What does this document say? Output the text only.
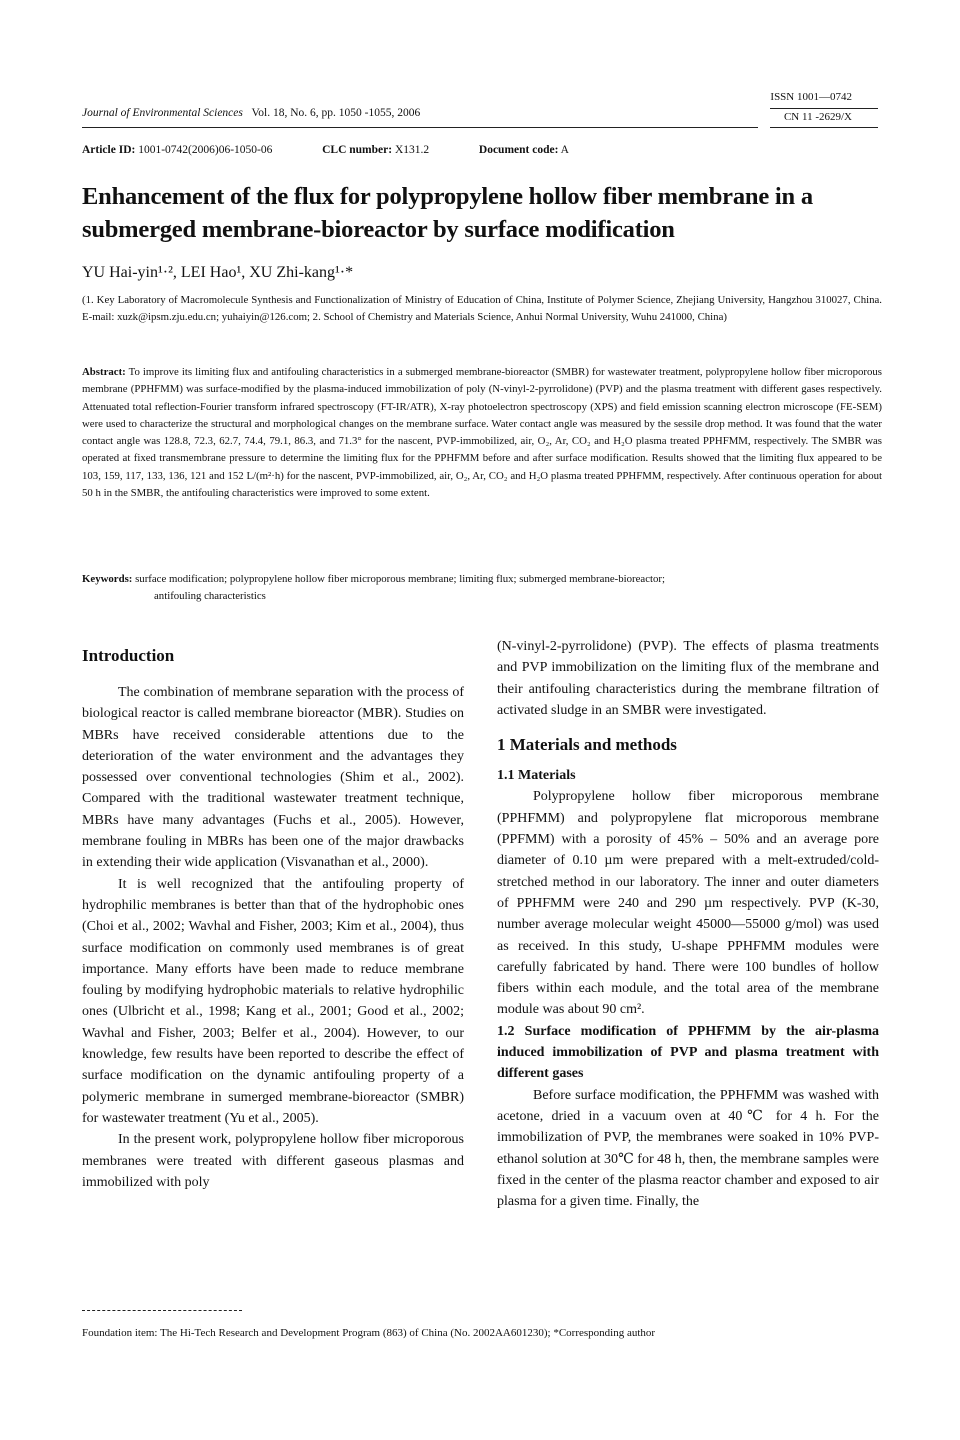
Journal of Environmental Sciences Vol. 18, No. 6, pp. 1050 -1055, 2006
ISSN 1001—0742
CN 11 -2629/X
Article ID: 1001-0742(2006)06-1050-06	CLC number: X131.2	Document code: A
Enhancement of the flux for polypropylene hollow fiber membrane in a submerged membrane-bioreactor by surface modification
YU Hai-yin¹·², LEI Hao¹, XU Zhi-kang¹·*
(1. Key Laboratory of Macromolecule Synthesis and Functionalization of Ministry of Education of China, Institute of Polymer Science, Zhejiang University, Hangzhou 310027, China. E-mail: xuzk@ipsm.zju.edu.cn; yuhaiyin@126.com; 2. School of Chemistry and Materials Science, Anhui Normal University, Wuhu 241000, China)
Abstract: To improve its limiting flux and antifouling characteristics in a submerged membrane-bioreactor (SMBR) for wastewater treatment, polypropylene hollow fiber microporous membrane (PPHFMM) was surface-modified by the plasma-induced immobilization of poly (N-vinyl-2-pyrrolidone) (PVP) and the plasma treatment with different gases respectively. Attenuated total reflection-Fourier transform infrared spectroscopy (FT-IR/ATR), X-ray photoelectron spectroscopy (XPS) and field emission scanning electron microscope (FE-SEM) were used to characterize the structural and morphological changes on the membrane surface. Water contact angle was measured by the sessile drop method. It was found that the water contact angle was 128.8, 72.3, 62.7, 74.4, 79.1, 86.3, and 71.3° for the nascent, PVP-immobilized, air, O₂, Ar, CO₂ and H₂O plasma treated PPHFMM, respectively. The SMBR was operated at fixed transmembrane pressure to determine the limiting flux for the PPHFMM before and after surface modification. Results showed that the limiting flux appeared to be 103, 159, 117, 133, 136, 121 and 152 L/(m²·h) for the nascent, PVP-immobilized, air, O₂, Ar, CO₂ and H₂O plasma treated PPHFMM, respectively. After continuous operation for about 50 h in the SMBR, the antifouling characteristics were improved to some extent.
Keywords: surface modification; polypropylene hollow fiber microporous membrane; limiting flux; submerged membrane-bioreactor;
antifouling characteristics
Introduction

The combination of membrane separation with the process of biological reactor is called membrane bioreactor (MBR). Studies on MBRs have received considerable attentions due to the deterioration of the water environment and the advantages they possessed over conventional technologies (Shim et al., 2002). Compared with the traditional wastewater treatment technique, MBRs have many advantages (Fuchs et al., 2005). However, membrane fouling in MBRs has been one of the major drawbacks in extending their wide application (Visvanathan et al., 2000).

It is well recognized that the antifouling property of hydrophilic membranes is better than that of the hydrophobic ones (Choi et al., 2002; Wavhal and Fisher, 2003; Kim et al., 2004), thus surface modification on commonly used membranes is of great importance. Many efforts have been made to reduce membrane fouling by modifying hydrophobic materials to relative hydrophilic ones (Ulbricht et al., 1998; Kang et al., 2001; Good et al., 2002; Wavhal and Fisher, 2003; Belfer et al., 2004). However, to our knowledge, few results have been reported to describe the effect of surface modification on the dynamic antifouling property of a polymeric membrane in sumerged membrane-bioreactor (SMBR) for wastewater treatment (Yu et al., 2005).

In the present work, polypropylene hollow fiber microporous membranes were treated with different gaseous plasmas and immobilized with poly

(N-vinyl-2-pyrrolidone) (PVP). The effects of plasma treatments and PVP immobilization on the limiting flux of the membrane and their antifouling characteristics during the membrane filtration of activated sludge in an SMBR were investigated.

1 Materials and methods
1.1 Materials

Polypropylene hollow fiber microporous membrane (PPHFMM) and polypropylene flat microporous membrane (PPFMM) with a porosity of 45% – 50% and an average pore diameter of 0.10 µm were prepared with a melt-extruded/cold-stretched method in our laboratory. The inner and outer diameters of PPHFMM were 240 and 290 µm respectively. PVP (K-30, number average molecular weight 45000—55000 g/mol) was used as received. In this study, U-shape PPHFMM modules were carefully fabricated by hand. There were 100 bundles of hollow fibers within each module, and the total area of the membrane module was about 90 cm².

1.2 Surface modification of PPHFMM by the air-plasma induced immobilization of PVP and plasma treatment with different gases

Before surface modification, the PPHFMM was washed with acetone, dried in a vacuum oven at 40℃ for 4 h. For the immobilization of PVP, the membranes were soaked in 10% PVP-ethanol solution at 30℃ for 48 h, then, the membrane samples were fixed in the center of the plasma reactor chamber and exposed to air plasma for a given time. Finally, the

Foundation item: The Hi-Tech Research and Development Program (863) of China (No. 2002AA601230); *Corresponding author
